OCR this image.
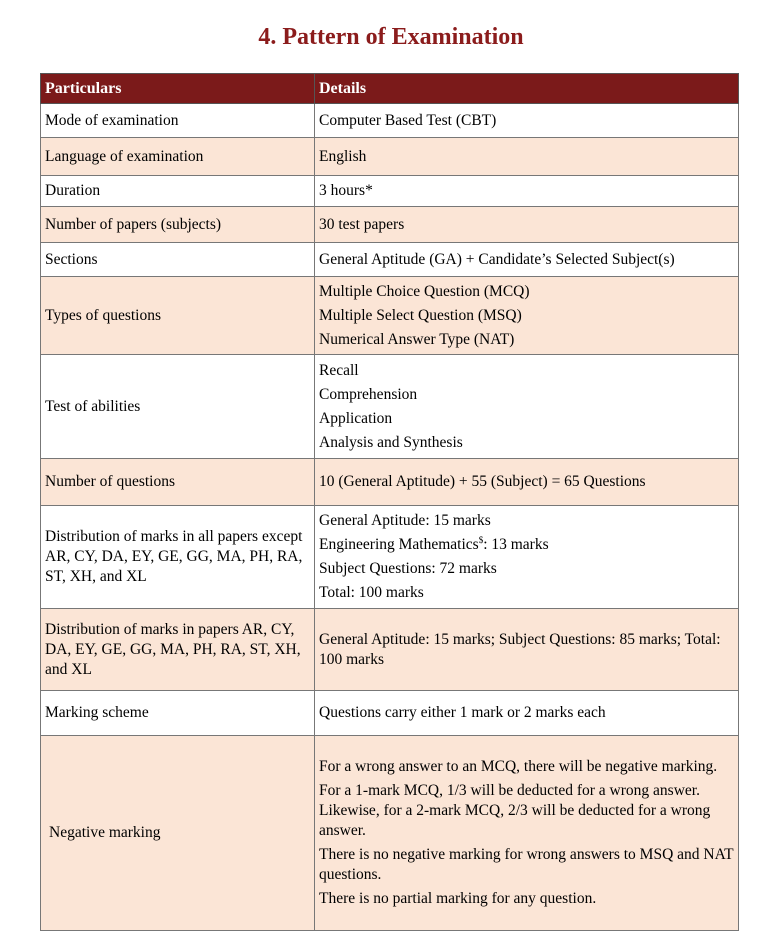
4. Pattern of Examination
Particulars	Details
Mode of examination	Computer Based Test (CBT)

Language of examination	English

Duration	3 hours*

Number of papers (subjects)	30 test papers

Sections	General Aptitude (GA) + Candidate’s Selected Subject(s)

Types of questions	Multiple Choice Question (MCQ)
Multiple Select Question (MSQ)
Numerical Answer Type (NAT)

Test of abilities	Recall
Comprehension
Application
Analysis and Synthesis

Number of questions	10 (General Aptitude) + 55 (Subject) = 65 Questions

Distribution of marks in all papers except AR, CY, DA, EY, GE, GG, MA, PH, RA, ST, XH, and XL	General Aptitude: 15 marks
Engineering Mathematics$: 13 marks
Subject Questions: 72 marks
Total: 100 marks

Distribution of marks in papers AR, CY, DA, EY, GE, GG, MA, PH, RA, ST, XH, and XL	General Aptitude: 15 marks; Subject Questions: 85 marks; Total: 100 marks

Marking scheme	Questions carry either 1 mark or 2 marks each

Negative marking	For a wrong answer to an MCQ, there will be negative marking.
For a 1-mark MCQ, 1/3 will be deducted for a wrong answer. Likewise, for a 2-mark MCQ, 2/3 will be deducted for a wrong answer.
There is no negative marking for wrong answers to MSQ and NAT questions.
There is no partial marking for any question.
